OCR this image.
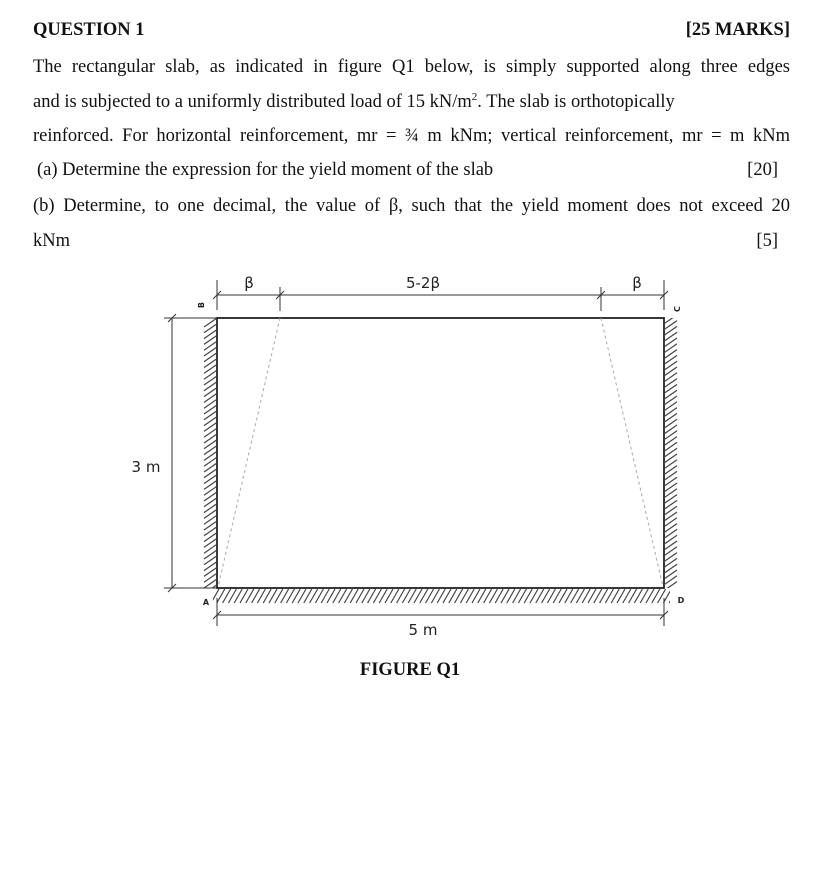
QUESTION 1	[25 MARKS]
The rectangular slab, as indicated in figure Q1 below, is simply supported along three edges
and is subjected to a uniformly distributed load of 15 $kN/m^2$. The slab is orthotopically
reinforced. For horizontal reinforcement, mr = ¾ m kNm; vertical reinforcement, mr = m kNm
(a) Determine the expression for the yield moment of the slab	[20]
(b) Determine, to one decimal, the value of β, such that the yield moment does not exceed 20
kNm	[5]
β	5-2β	β
3 m
5 m
B
C
A	D
FIGURE Q1
